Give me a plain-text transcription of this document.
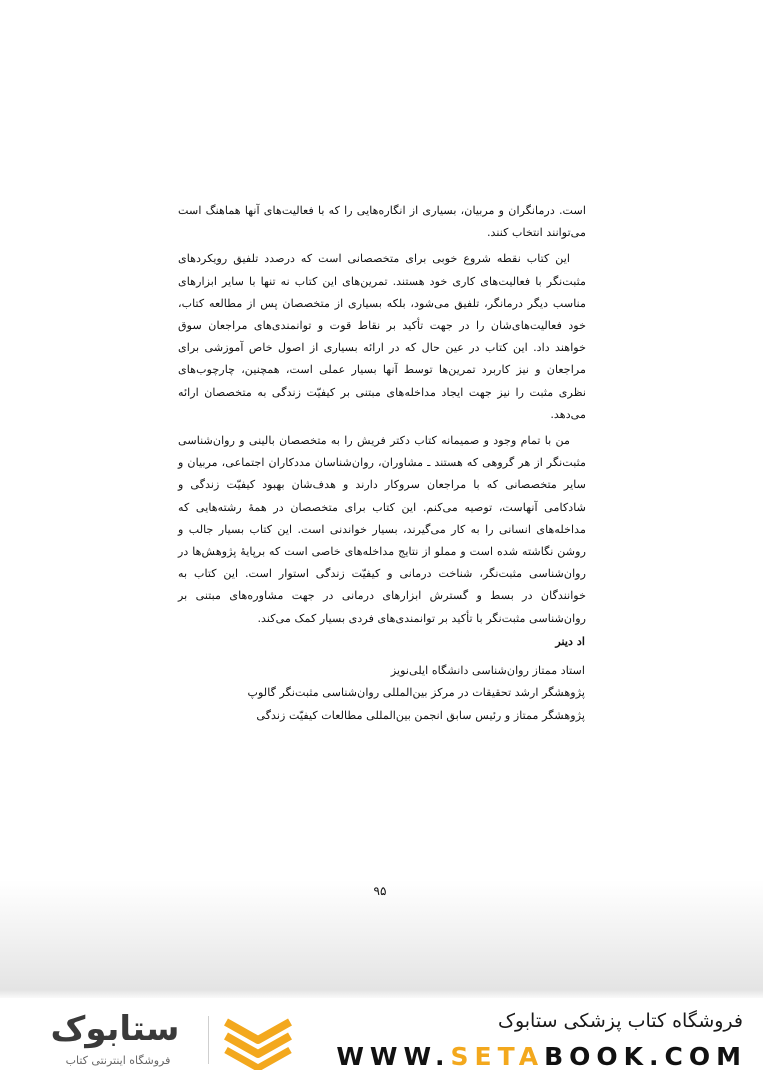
است. درمانگران و مربیان، بسیاری از انگاره‌هایی را که با فعالیت‌های آنها هماهنگ است می‌توانند انتخاب کنند.

این کتاب نقطه شروع خوبی برای متخصصانی است که درصدد تلفیق رویکردهای مثبت‌نگر با فعالیت‌های کاری خود هستند. تمرین‌های این کتاب نه تنها با سایر ابزارهای مناسب دیگر درمانگر، تلفیق می‌شود، بلکه بسیاری از متخصصان پس از مطالعه کتاب، خود فعالیت‌های‌شان را در جهت تأکید بر نقاط قوت و توانمندی‌های مراجعان سوق خواهند داد. این کتاب در عین حال که در ارائه بسیاری از اصول خاص آموزشی برای مراجعان و نیز کاربرد تمرین‌ها توسط آنها بسیار عملی است، همچنین، چارچوب‌های نظری مثبت را نیز جهت ایجاد مداخله‌های مبتنی بر کیفیّت زندگی به متخصصان ارائه می‌دهد.

من با تمام وجود و صمیمانه کتاب دکتر فریش را به متخصصان بالینی و روان‌شناسی مثبت‌نگر از هر گروهی که هستند ـ مشاوران، روان‌شناسان مددکاران اجتماعی، مربیان و سایر متخصصانی که با مراجعان سروکار دارند و هدف‌شان بهبود کیفیّت زندگی و شادکامی آنهاست، توصیه می‌کنم. این کتاب برای متخصصان در همهٔ رشته‌هایی که مداخله‌های انسانی را به کار می‌گیرند، بسیار خواندنی است. این کتاب بسیار جالب و روشن نگاشته شده است و مملو از نتایج مداخله‌های خاصی است که برپایهٔ پژوهش‌ها در روان‌شناسی مثبت‌نگر، شناخت درمانی و کیفیّت زندگی استوار است. این کتاب به خوانندگان در بسط و گسترش ابزارهای درمانی در جهت مشاوره‌های مبتنی بر روان‌شناسی مثبت‌نگر با تأکید بر توانمندی‌های فردی بسیار کمک می‌کند.

اد دینر
استاد ممتاز روان‌شناسی دانشگاه ایلی‌نویز
پژوهشگر ارشد تحقیقات در مرکز بین‌المللی روان‌شناسی مثبت‌نگر گالوپ
پژوهشگر ممتاز و رئیس سابق انجمن بین‌المللی مطالعات کیفیّت زندگی
۹۵
ستابوک
فروشگاه اینترنتی کتاب
فروشگاه کتاب پزشکی ستابوک
WWW.SETABOOK.COM
